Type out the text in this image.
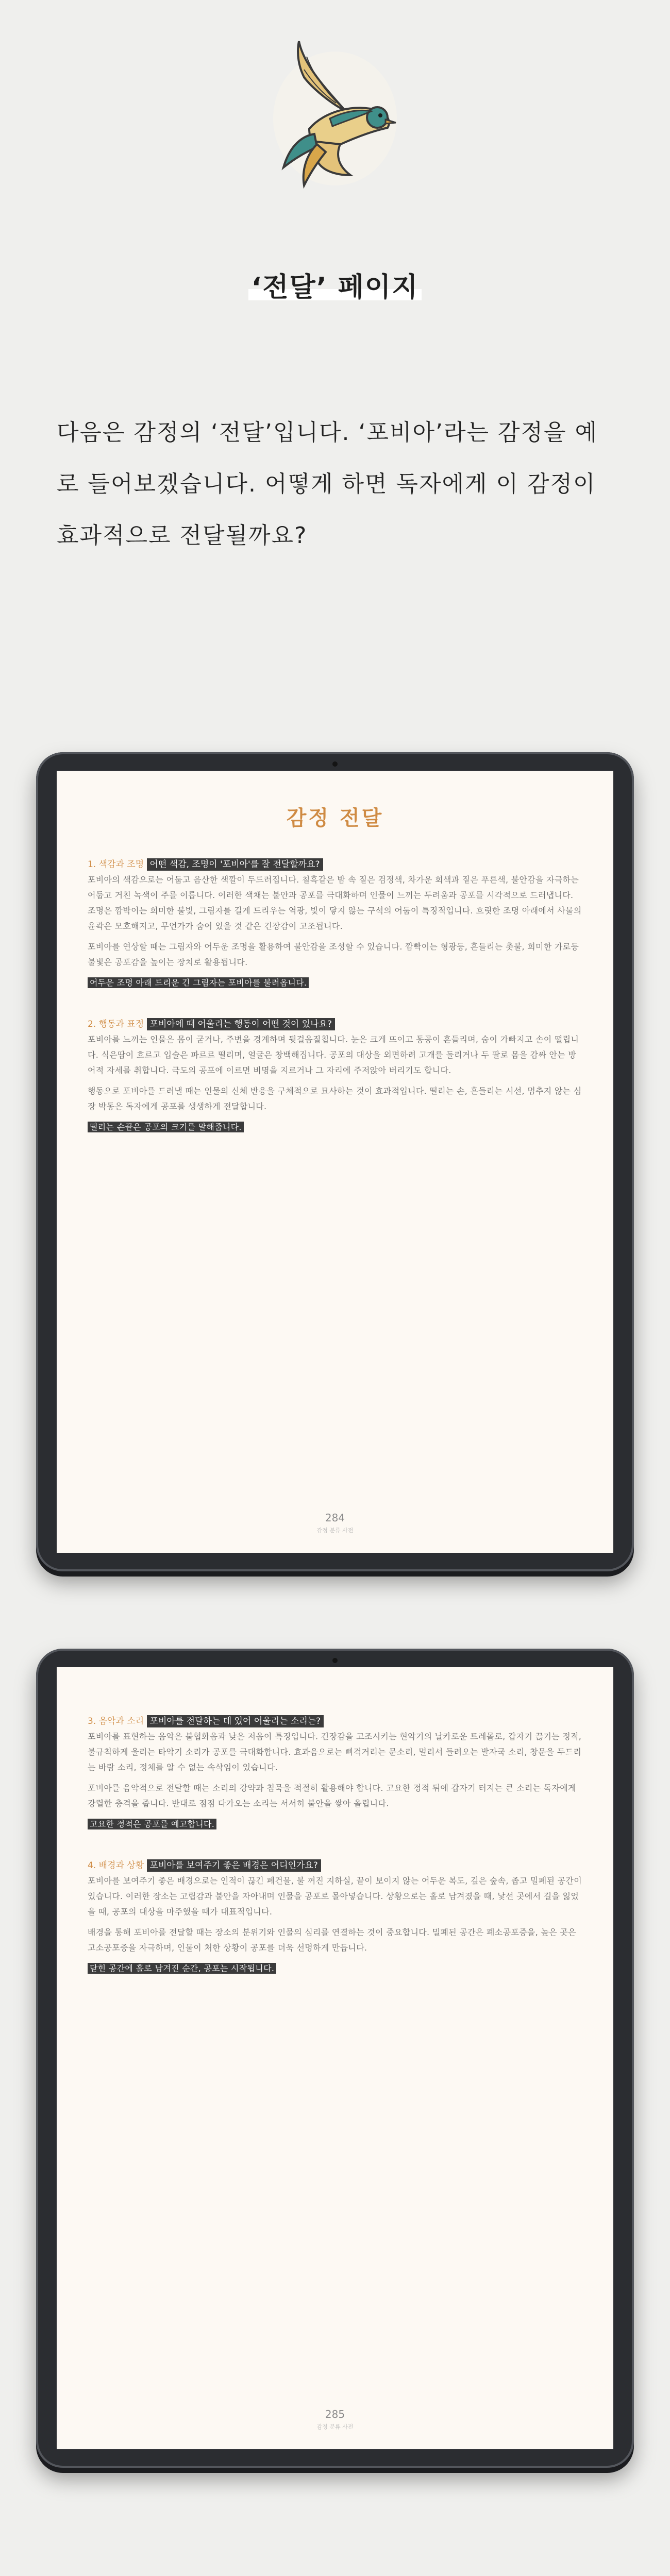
‘전달’ 페이지

다음은 감정의 ‘전달’입니다. ‘포비아’라는 감정을 예로 들어보겠습니다. 어떻게 하면 독자에게 이 감정이 효과적으로 전달될까요?

감정 전달
1. 색감과 조명 어떤 색감, 조명이 '포비아'를 잘 전달할까요?

포비아의 색감으로는 어둡고 음산한 색깔이 두드러집니다. 칠흑같은 밤 속 짙은 검정색, 차가운 회색과 짙은 푸른색, 불안감을 자극하는 어둡고 거친 녹색이 주를 이룹니다. 이러한 색채는 불안과 공포를 극대화하며 인물이 느끼는 두려움과 공포를 시각적으로 드러냅니다. 조명은 깜박이는 희미한 불빛, 그림자를 길게 드리우는 역광, 빛이 닿지 않는 구석의 어둠이 특징적입니다. 흐릿한 조명 아래에서 사물의 윤곽은 모호해지고, 무언가가 숨어 있을 것 같은 긴장감이 고조됩니다.

포비아를 연상할 때는 그림자와 어두운 조명을 활용하여 불안감을 조성할 수 있습니다. 깜빡이는 형광등, 흔들리는 촛불, 희미한 가로등 불빛은 공포감을 높이는 장치로 활용됩니다.

어두운 조명 아래 드리운 긴 그림자는 포비아를 불러옵니다.

2. 행동과 표정 포비아에 때 어울리는 행동이 어떤 것이 있나요?

포비아를 느끼는 인물은 몸이 굳거나, 주변을 경계하며 뒷걸음질칩니다. 눈은 크게 뜨이고 동공이 흔들리며, 숨이 가빠지고 손이 떨립니다. 식은땀이 흐르고 입술은 파르르 떨리며, 얼굴은 창백해집니다. 공포의 대상을 외면하려 고개를 돌리거나 두 팔로 몸을 감싸 안는 방어적 자세를 취합니다. 극도의 공포에 이르면 비명을 지르거나 그 자리에 주저앉아 버리기도 합니다.

행동으로 포비아를 드러낼 때는 인물의 신체 반응을 구체적으로 묘사하는 것이 효과적입니다. 떨리는 손, 흔들리는 시선, 멈추지 않는 심장 박동은 독자에게 공포를 생생하게 전달합니다.

떨리는 손끝은 공포의 크기를 말해줍니다.

284
감정 분류 사전
3. 음악과 소리 포비아를 전달하는 데 있어 어울리는 소리는?

포비아를 표현하는 음악은 불협화음과 낮은 저음이 특징입니다. 긴장감을 고조시키는 현악기의 날카로운 트레몰로, 갑자기 끊기는 정적, 불규칙하게 울리는 타악기 소리가 공포를 극대화합니다. 효과음으로는 삐걱거리는 문소리, 멀리서 들려오는 발자국 소리, 창문을 두드리는 바람 소리, 정체를 알 수 없는 속삭임이 있습니다.

포비아를 음악적으로 전달할 때는 소리의 강약과 침묵을 적절히 활용해야 합니다. 고요한 정적 뒤에 갑자기 터지는 큰 소리는 독자에게 강렬한 충격을 줍니다. 반대로 점점 다가오는 소리는 서서히 불안을 쌓아 올립니다.

고요한 정적은 공포를 예고합니다.

4. 배경과 상황 포비아를 보여주기 좋은 배경은 어디인가요?

포비아를 보여주기 좋은 배경으로는 인적이 끊긴 폐건물, 불 꺼진 지하실, 끝이 보이지 않는 어두운 복도, 깊은 숲속, 좁고 밀폐된 공간이 있습니다. 이러한 장소는 고립감과 불안을 자아내며 인물을 공포로 몰아넣습니다. 상황으로는 홀로 남겨졌을 때, 낯선 곳에서 길을 잃었을 때, 공포의 대상을 마주했을 때가 대표적입니다.

배경을 통해 포비아를 전달할 때는 장소의 분위기와 인물의 심리를 연결하는 것이 중요합니다. 밀폐된 공간은 폐소공포증을, 높은 곳은 고소공포증을 자극하며, 인물이 처한 상황이 공포를 더욱 선명하게 만듭니다.

닫힌 공간에 홀로 남겨진 순간, 공포는 시작됩니다.

285
감정 분류 사전
